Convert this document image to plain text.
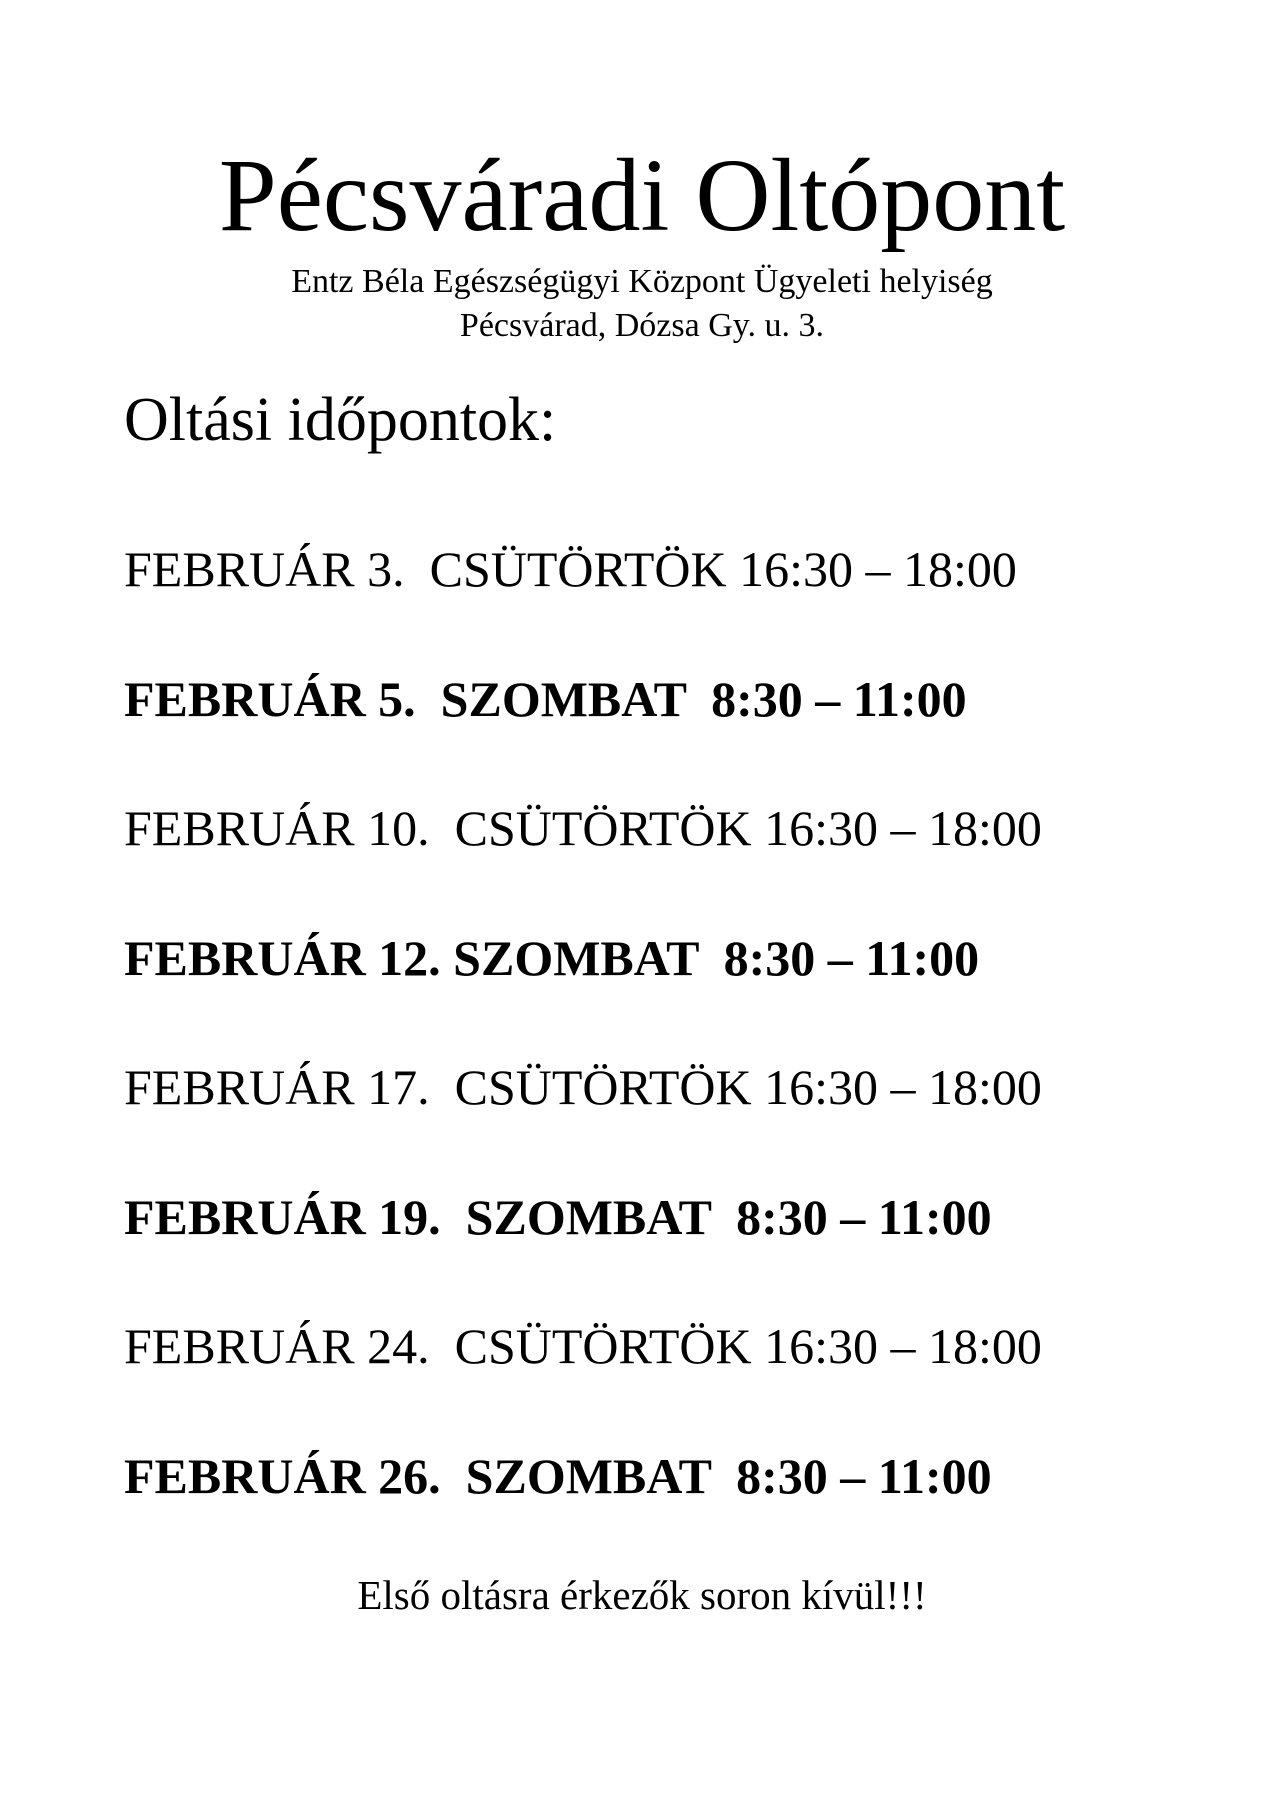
Pécsváradi Oltópont
Entz Béla Egészségügyi Központ Ügyeleti helyiség
Pécsvárad, Dózsa Gy. u. 3.
Oltási időpontok:
FEBRUÁR 3.  CSÜTÖRTÖK 16:30 – 18:00
FEBRUÁR 5.  SZOMBAT  8:30 – 11:00
FEBRUÁR 10.  CSÜTÖRTÖK 16:30 – 18:00
FEBRUÁR 12. SZOMBAT  8:30 – 11:00
FEBRUÁR 17.  CSÜTÖRTÖK 16:30 – 18:00
FEBRUÁR 19.  SZOMBAT  8:30 – 11:00
FEBRUÁR 24.  CSÜTÖRTÖK 16:30 – 18:00
FEBRUÁR 26.  SZOMBAT  8:30 – 11:00
Első oltásra érkezők soron kívül!!!
